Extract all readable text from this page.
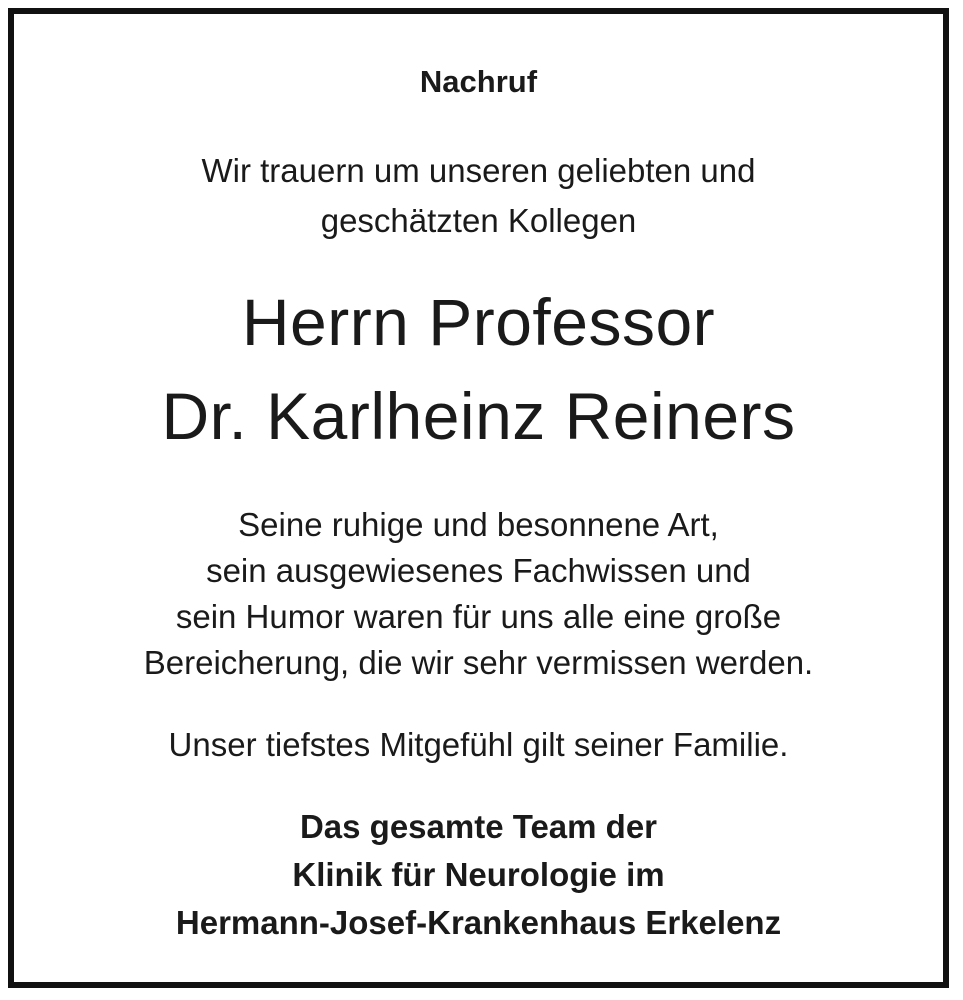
Nachruf
Wir trauern um unseren geliebten und
geschätzten Kollegen
Herrn Professor
Dr. Karlheinz Reiners
Seine ruhige und besonnene Art,
sein ausgewiesenes Fachwissen und
sein Humor waren für uns alle eine große
Bereicherung, die wir sehr vermissen werden.
Unser tiefstes Mitgefühl gilt seiner Familie.
Das gesamte Team der
Klinik für Neurologie im
Hermann-Josef-Krankenhaus Erkelenz
